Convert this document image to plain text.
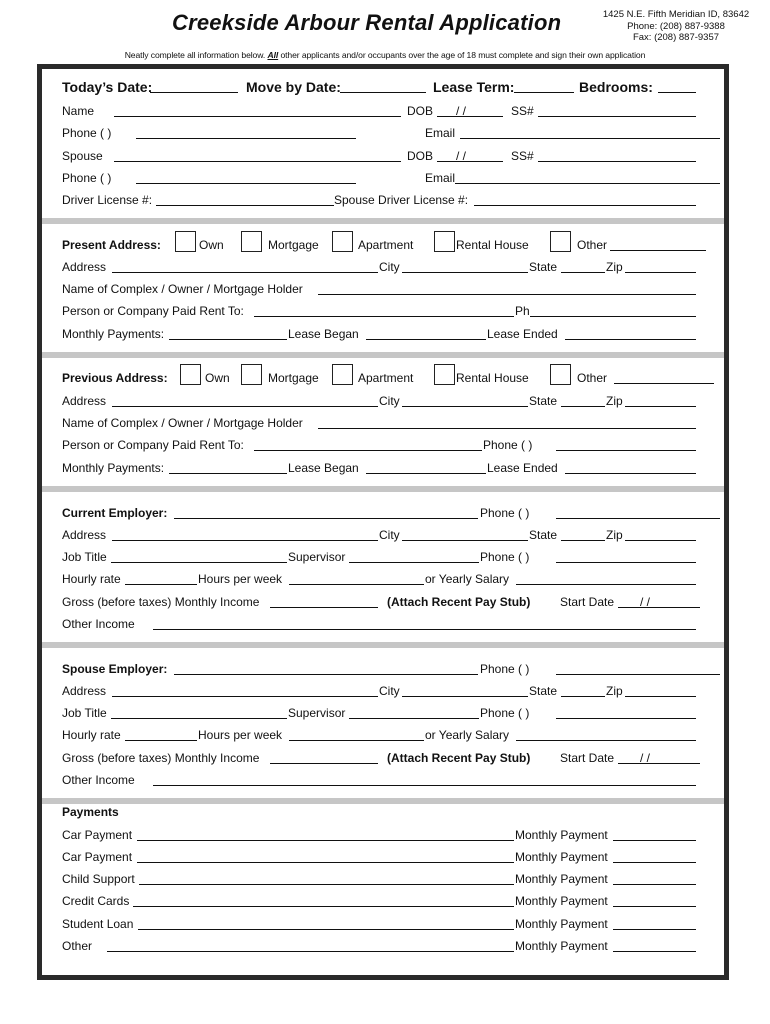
Creekside Arbour Rental Application	1425 N.E. Fifth Meridian ID, 83642
Phone: (208) 887-9388
Fax: (208) 887-9357
Neatly complete all information below. All other applicants and/or occupants over the age of 18 must complete and sign their own application
Today’s Date:	Move by Date:	Lease Term:	Bedrooms:
Name	DOB / /	SS#
Phone ( )	Email
Spouse	DOB / /	SS#
Phone ( )	Email
Driver License #:	Spouse Driver License #:
Present Address:	Own	Mortgage	Apartment	Rental House	Other
Address	City	State	Zip
Name of Complex / Owner / Mortgage Holder
Person or Company Paid Rent To:	Ph
Monthly Payments:	Lease Began	Lease Ended
Previous Address:	Own	Mortgage	Apartment	Rental House	Other
Address	City	State	Zip
Name of Complex / Owner / Mortgage Holder
Person or Company Paid Rent To:	Phone ( )
Monthly Payments:	Lease Began	Lease Ended
Current Employer:	Phone ( )
Address	City	State	Zip
Job Title	Supervisor	Phone ( )
Hourly rate	Hours per week	or Yearly Salary
Gross (before taxes) Monthly Income	(Attach Recent Pay Stub) Start Date / /
Other Income
Spouse Employer:	Phone ( )
Address	City	State	Zip
Job Title	Supervisor	Phone ( )
Hourly rate	Hours per week	or Yearly Salary
Gross (before taxes) Monthly Income	(Attach Recent Pay Stub) Start Date / /
Other Income
Payments
Car Payment	Monthly Payment
Car Payment	Monthly Payment
Child Support	Monthly Payment
Credit Cards	Monthly Payment
Student Loan	Monthly Payment
Other	Monthly Payment
